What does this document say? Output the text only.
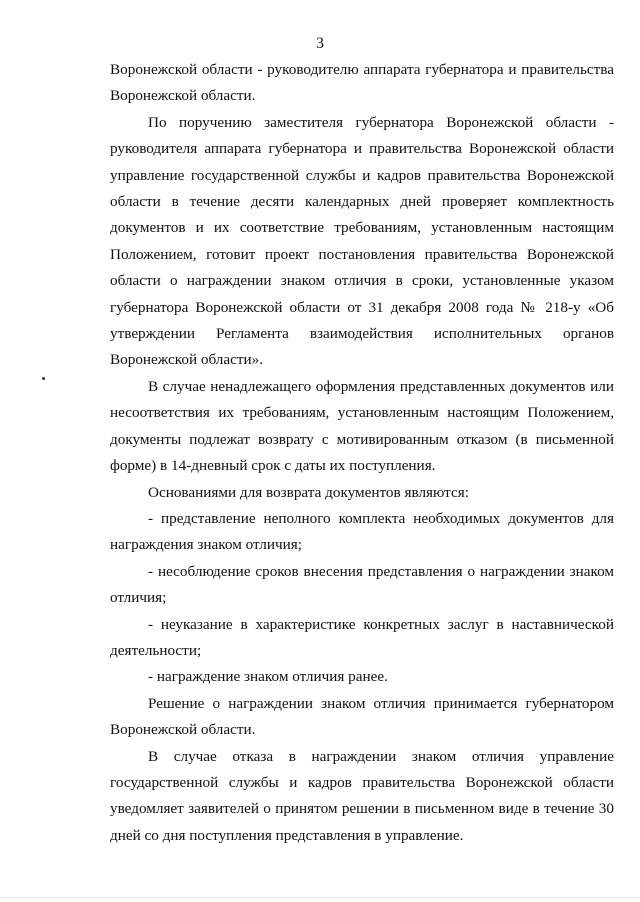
3

Воронежской области - руководителю аппарата губернатора и правительства Воронежской области.

По поручению заместителя губернатора Воронежской области - руководителя аппарата губернатора и правительства Воронежской области управление государственной службы и кадров правительства Воронежской области в течение десяти календарных дней проверяет комплектность документов и их соответствие требованиям, установленным настоящим Положением, готовит проект постановления правительства Воронежской области о награждении знаком отличия в сроки, установленные указом губернатора Воронежской области от 31 декабря 2008 года № 218-у «Об утверждении Регламента взаимодействия исполнительных органов Воронежской области».

В случае ненадлежащего оформления представленных документов или несоответствия их требованиям, установленным настоящим Положением, документы подлежат возврату с мотивированным отказом (в письменной форме) в 14-дневный срок с даты их поступления.

Основаниями для возврата документов являются:

- представление неполного комплекта необходимых документов для награждения знаком отличия;

- несоблюдение сроков внесения представления о награждении знаком отличия;

- неуказание в характеристике конкретных заслуг в наставнической деятельности;

- награждение знаком отличия ранее.

Решение о награждении знаком отличия принимается губернатором Воронежской области.

В случае отказа в награждении знаком отличия управление государственной службы и кадров правительства Воронежской области уведомляет заявителей о принятом решении в письменном виде в течение 30 дней со дня поступления представления в управление.
